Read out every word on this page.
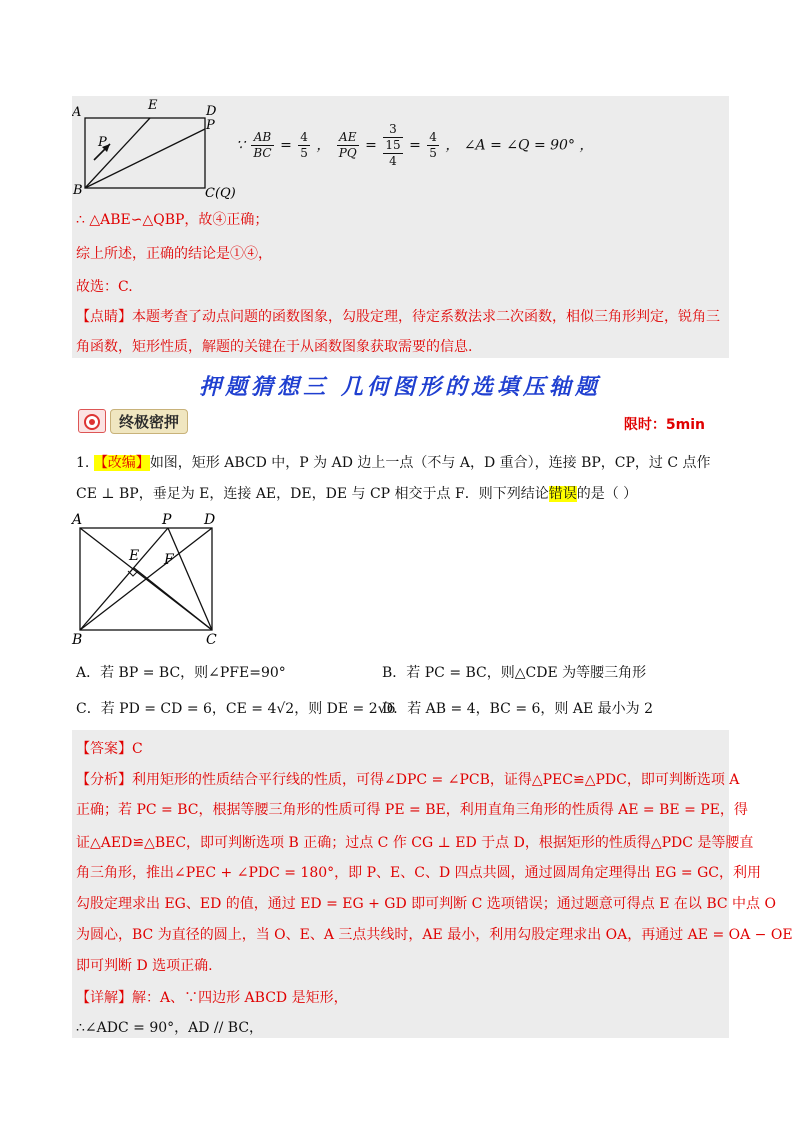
A	E	D
P
P
B	C(Q)
∵ $\frac{AB}{BC} = \frac{4}{5}$ ， $\frac{AE}{PQ}$ =
3
15
4
= $\frac{4}{5}$ ， ∠A = ∠Q = 90° ，
∴ △ABE∽△QBP，故④正确；
综上所述，正确的结论是①④，
故选：C.
【点睛】本题考查了动点问题的函数图象，勾股定理，待定系数法求二次函数，相似三角形判定，锐角三
角函数，矩形性质，解题的关键在于从函数图象获取需要的信息.
押题猜想三 几何图形的选填压轴题
终极密押	限时：5min
1. 【改编】如图，矩形 ABCD 中，P 为 AD 边上一点（不与 A，D 重合），连接 BP，CP，过 C 点作
CE ⊥ BP，垂足为 E，连接 AE，DE，DE 与 CP 相交于点 F．则下列结论错误的是（ ）
A	P D
E F
B	C
A．若 BP = BC，则∠PFE=90°	B．若 PC = BC，则△CDE 为等腰三角形
C．若 PD = CD = 6，CE = 4√2，则 DE = 2√6
D．若 AB = 4，BC = 6，则 AE 最小为 2
【答案】C
【分析】利用矩形的性质结合平行线的性质，可得∠DPC = ∠PCB，证得△PEC≌△PDC，即可判断选项 A
正确；若 PC = BC，根据等腰三角形的性质可得 PE = BE，利用直角三角形的性质得 AE = BE = PE，得
证△AED≌△BEC，即可判断选项 B 正确；过点 C 作 CG ⊥ ED 于点 D，根据矩形的性质得△PDC 是等腰直
角三角形，推出∠PEC + ∠PDC = 180°，即 P、E、C、D 四点共圆，通过圆周角定理得出 EG = GC，利用
勾股定理求出 EG、ED 的值，通过 ED = EG + GD 即可判断 C 选项错误；通过题意可得点 E 在以 BC 中点 O
为圆心，BC 为直径的圆上，当 O、E、A 三点共线时，AE 最小，利用勾股定理求出 OA，再通过 AE = OA − OE
即可判断 D 选项正确.
【详解】解：A、∵四边形 ABCD 是矩形，
∴∠ADC = 90°，AD // BC，
